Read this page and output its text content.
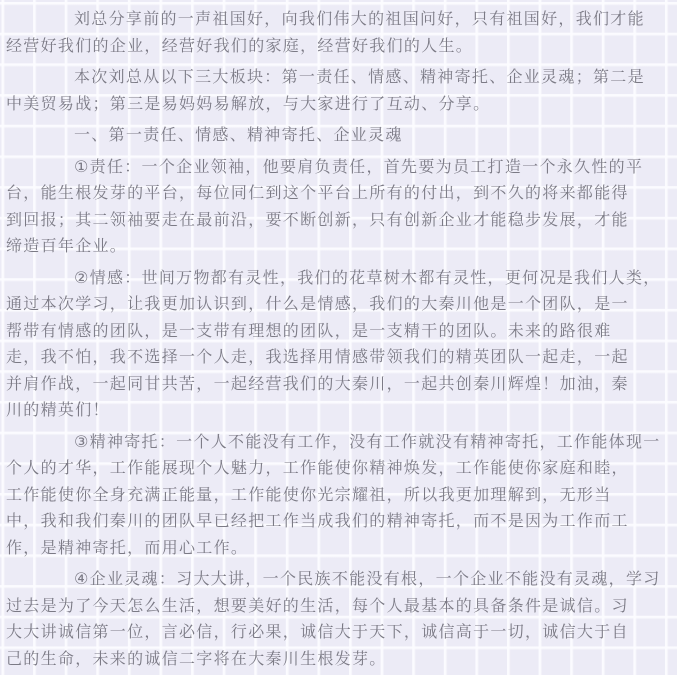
刘总分享前的一声祖国好，向我们伟大的祖国问好，只有祖国好，我们才能
经营好我们的企业，经营好我们的家庭，经营好我们的人生。

本次刘总从以下三大板块：第一责任、情感、精神寄托、企业灵魂；第二是
中美贸易战；第三是易妈妈易解放，与大家进行了互动、分享。

一、第一责任、情感、精神寄托、企业灵魂

①责任：一个企业领袖，他要肩负责任，首先要为员工打造一个永久性的平
台，能生根发芽的平台，每位同仁到这个平台上所有的付出，到不久的将来都能得
到回报；其二领袖要走在最前沿，要不断创新，只有创新企业才能稳步发展，才能
缔造百年企业。

②情感：世间万物都有灵性，我们的花草树木都有灵性，更何况是我们人类，
通过本次学习，让我更加认识到，什么是情感，我们的大秦川他是一个团队，是一
帮带有情感的团队，是一支带有理想的团队，是一支精干的团队。未来的路很难
走，我不怕，我不选择一个人走，我选择用情感带领我们的精英团队一起走，一起
并肩作战，一起同甘共苦，一起经营我们的大秦川，一起共创秦川辉煌！加油，秦
川的精英们！

③精神寄托：一个人不能没有工作，没有工作就没有精神寄托，工作能体现一
个人的才华，工作能展现个人魅力，工作能使你精神焕发，工作能使你家庭和睦，
工作能使你全身充满正能量，工作能使你光宗耀祖，所以我更加理解到，无形当
中，我和我们秦川的团队早已经把工作当成我们的精神寄托，而不是因为工作而工
作，是精神寄托，而用心工作。

④企业灵魂：习大大讲，一个民族不能没有根，一个企业不能没有灵魂，学习
过去是为了今天怎么生活，想要美好的生活，每个人最基本的具备条件是诚信。习
大大讲诚信第一位，言必信，行必果，诚信大于天下，诚信高于一切，诚信大于自
己的生命，未来的诚信二字将在大秦川生根发芽。
